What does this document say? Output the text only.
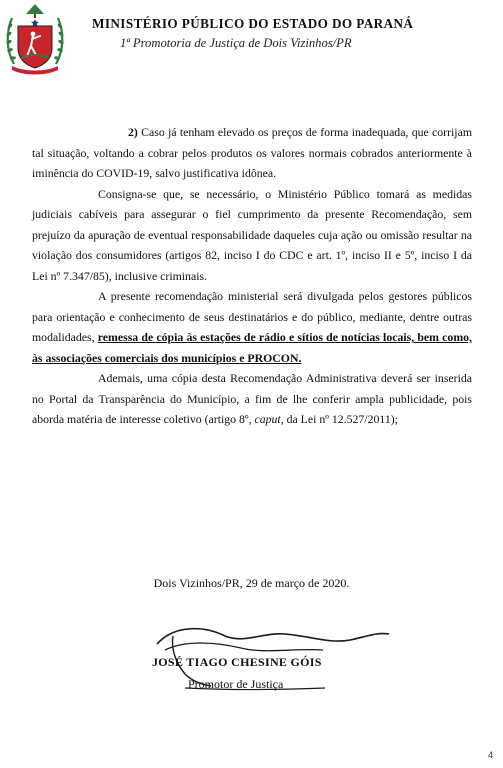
MINISTÉRIO PÚBLICO DO ESTADO DO PARANÁ
1ª Promotoria de Justiça de Dois Vizinhos/PR

2) Caso já tenham elevado os preços de forma inadequada, que corrijam tal situação, voltando a cobrar pelos produtos os valores normais cobrados anteriormente à iminência do COVID-19, salvo justificativa idônea.

Consigna-se que, se necessário, o Ministério Público tomará as medidas judiciais cabíveis para assegurar o fiel cumprimento da presente Recomendação, sem prejuízo da apuração de eventual responsabilidade daqueles cuja ação ou omissão resultar na violação dos consumidores (artigos 82, inciso I do CDC e art. 1º, inciso II e 5º, inciso I da Lei nº 7.347/85), inclusive criminais.

A presente recomendação ministerial será divulgada pelos gestores públicos para orientação e conhecimento de seus destinatários e do público, mediante, dentre outras modalidades, remessa de cópia às estações de rádio e sítios de notícias locais, bem como, às associações comerciais dos municípios e PROCON.

Ademais, uma cópia desta Recomendação Administrativa deverá ser inserida no Portal da Transparência do Município, a fim de lhe conferir ampla publicidade, pois aborda matéria de interesse coletivo (artigo 8º, caput, da Lei nº 12.527/2011);

Dois Vizinhos/PR, 29 de março de 2020.
JOSÉ TIAGO CHESINE GÓIS
Promotor de Justiça
4
